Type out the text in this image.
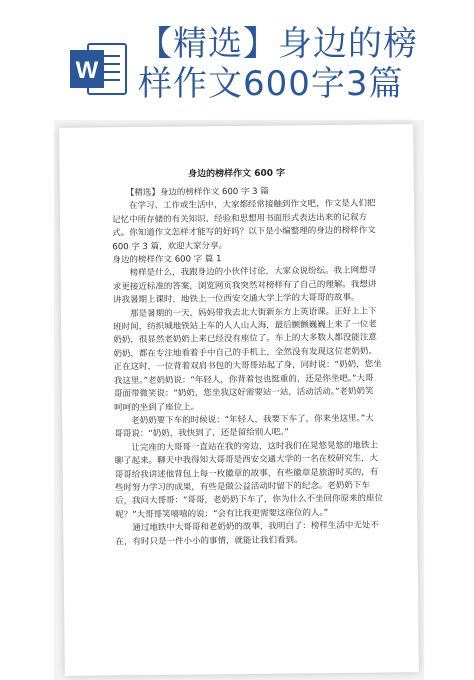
W
【精选】身边的榜
样作文600字3篇
身边的榜样作文 600 字

【精选】身边的榜样作文 600 字 3 篇

在学习、工作或生活中，大家都经常接触到作文吧，作文是人们把记忆中所存储的有关知识、经验和思想用书面形式表达出来的记叙方式。你知道作文怎样才能写的好吗？以下是小编整理的身边的榜样作文 600 字 3 篇，欢迎大家分享。

身边的榜样作文 600 字 篇 1

榜样是什么，我跟身边的小伙伴讨论，大家众说纷纭。我上网想寻求更接近标准的答案，浏览网页我突然对榜样有了自己的理解。我想讲讲我暑期上课时，地铁上一位西安交通大学上学的大哥哥的故事。

那是暑期的一天，妈妈带我去北大街新东方上英语课。正好上上下班时间，纺织城地铁站上车的人人山人海，最后颤颤巍巍上来了一位老奶奶，很显然老奶奶上来已经没有座位了。车上的大多数人都没能注意奶奶，都在专注地看着手中自己的手机上，全然没有发现这位老奶奶。正在这时，一位背着双肩书包的大哥哥站起了身，同时说：“奶奶，您坐我这里。”老奶奶说：“年轻人，你背着包也挺重的，还是你坐吧。”大哥哥面带微笑说：“奶奶，您坐我这好需要站一站，活动活动。”老奶奶笑呵呵的坐到了座位上。

老奶奶要下车的时候说：“年轻人，我要下车了，你来坐这里。”大哥哥说：“奶奶，我快到了，还是留给别人吧。”

让完座的大哥哥一直站在我的旁边，这时我们在晃悠晃悠的地铁上聊了起来。聊天中我得知大哥哥是西安交通大学的一名在校研究生，大哥哥给我讲述他背包上每一枚徽章的故事，有些徽章是旅游时买的，有些时努力学习的成果，有些是做公益活动时留下的纪念。老奶奶下车后，我问大哥哥：“哥哥，老奶奶下车了，你为什么不坐回你原来的座位呢？”大哥哥笑嘻嘻的说：“会有比我更需要这座位的人。”

通过地铁中大哥哥和老奶奶的故事，我明白了：榜样生活中无处不在，有时只是一件小小的事情，就能让我们看到。
